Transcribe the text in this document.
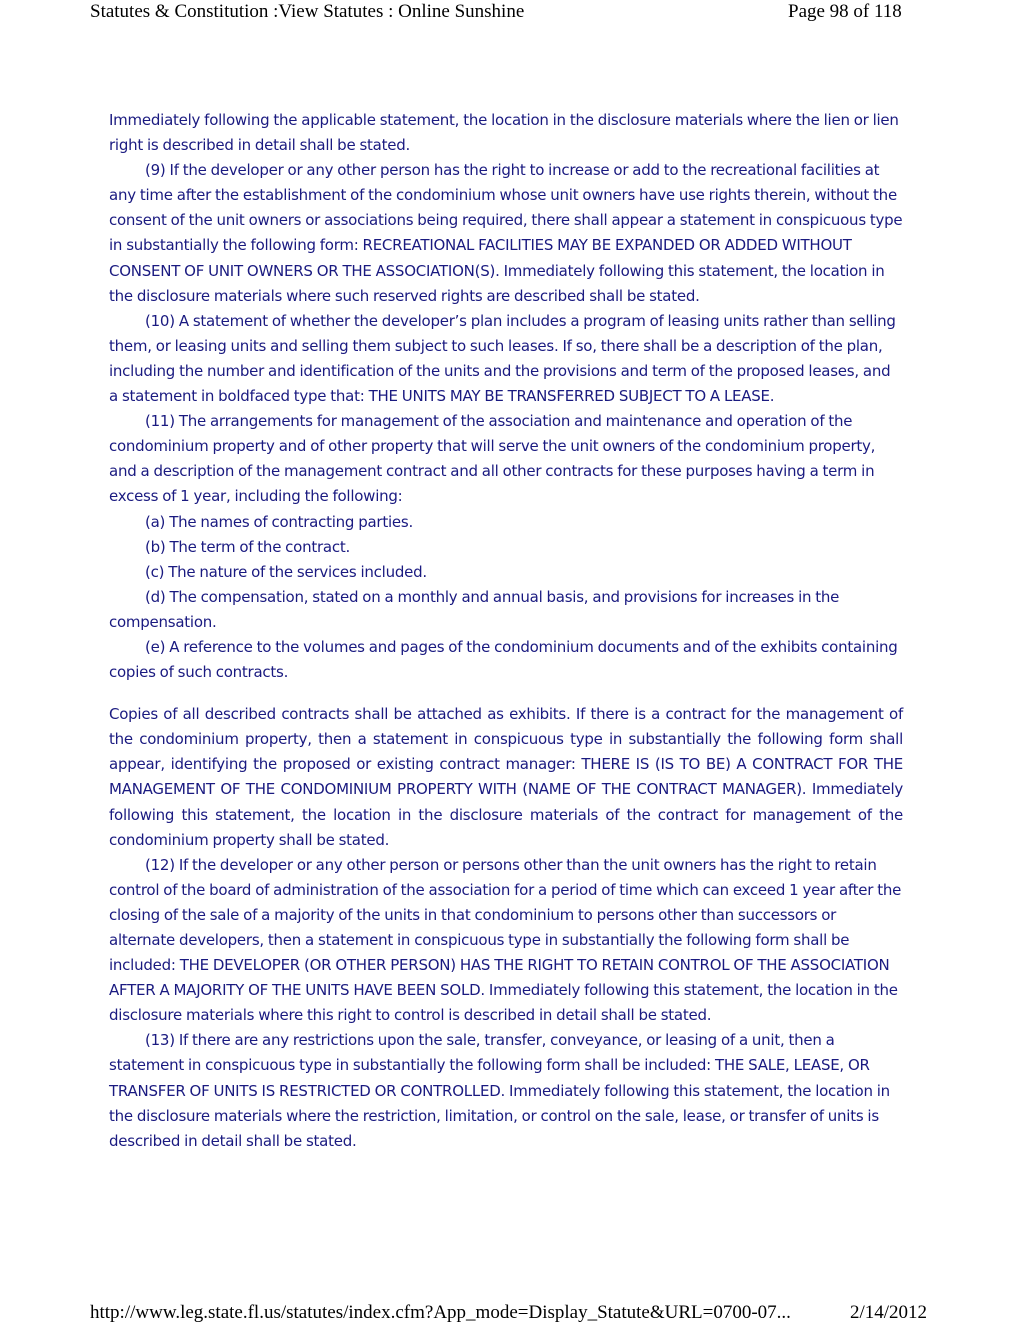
Statutes & Constitution :View Statutes : Online Sunshine	Page 98 of 118

Immediately following the applicable statement, the location in the disclosure materials where the lien or lien right is described in detail shall be stated.

(9) If the developer or any other person has the right to increase or add to the recreational facilities at any time after the establishment of the condominium whose unit owners have use rights therein, without the consent of the unit owners or associations being required, there shall appear a statement in conspicuous type in substantially the following form: RECREATIONAL FACILITIES MAY BE EXPANDED OR ADDED WITHOUT CONSENT OF UNIT OWNERS OR THE ASSOCIATION(S). Immediately following this statement, the location in the disclosure materials where such reserved rights are described shall be stated.

(10) A statement of whether the developer’s plan includes a program of leasing units rather than selling them, or leasing units and selling them subject to such leases. If so, there shall be a description of the plan, including the number and identification of the units and the provisions and term of the proposed leases, and a statement in boldfaced type that: THE UNITS MAY BE TRANSFERRED SUBJECT TO A LEASE.

(11) The arrangements for management of the association and maintenance and operation of the condominium property and of other property that will serve the unit owners of the condominium property, and a description of the management contract and all other contracts for these purposes having a term in excess of 1 year, including the following:

(a) The names of contracting parties.

(b) The term of the contract.

(c) The nature of the services included.

(d) The compensation, stated on a monthly and annual basis, and provisions for increases in the compensation.

(e) A reference to the volumes and pages of the condominium documents and of the exhibits containing copies of such contracts.

Copies of all described contracts shall be attached as exhibits. If there is a contract for the management of the condominium property, then a statement in conspicuous type in substantially the following form shall appear, identifying the proposed or existing contract manager: THERE IS (IS TO BE) A CONTRACT FOR THE MANAGEMENT OF THE CONDOMINIUM PROPERTY WITH (NAME OF THE CONTRACT MANAGER). Immediately following this statement, the location in the disclosure materials of the contract for management of the condominium property shall be stated.

(12) If the developer or any other person or persons other than the unit owners has the right to retain control of the board of administration of the association for a period of time which can exceed 1 year after the closing of the sale of a majority of the units in that condominium to persons other than successors or alternate developers, then a statement in conspicuous type in substantially the following form shall be included: THE DEVELOPER (OR OTHER PERSON) HAS THE RIGHT TO RETAIN CONTROL OF THE ASSOCIATION AFTER A MAJORITY OF THE UNITS HAVE BEEN SOLD. Immediately following this statement, the location in the disclosure materials where this right to control is described in detail shall be stated.

(13) If there are any restrictions upon the sale, transfer, conveyance, or leasing of a unit, then a statement in conspicuous type in substantially the following form shall be included: THE SALE, LEASE, OR TRANSFER OF UNITS IS RESTRICTED OR CONTROLLED. Immediately following this statement, the location in the disclosure materials where the restriction, limitation, or control on the sale, lease, or transfer of units is described in detail shall be stated.

http://www.leg.state.fl.us/statutes/index.cfm?App_mode=Display_Statute&URL=0700-07...	2/14/2012
